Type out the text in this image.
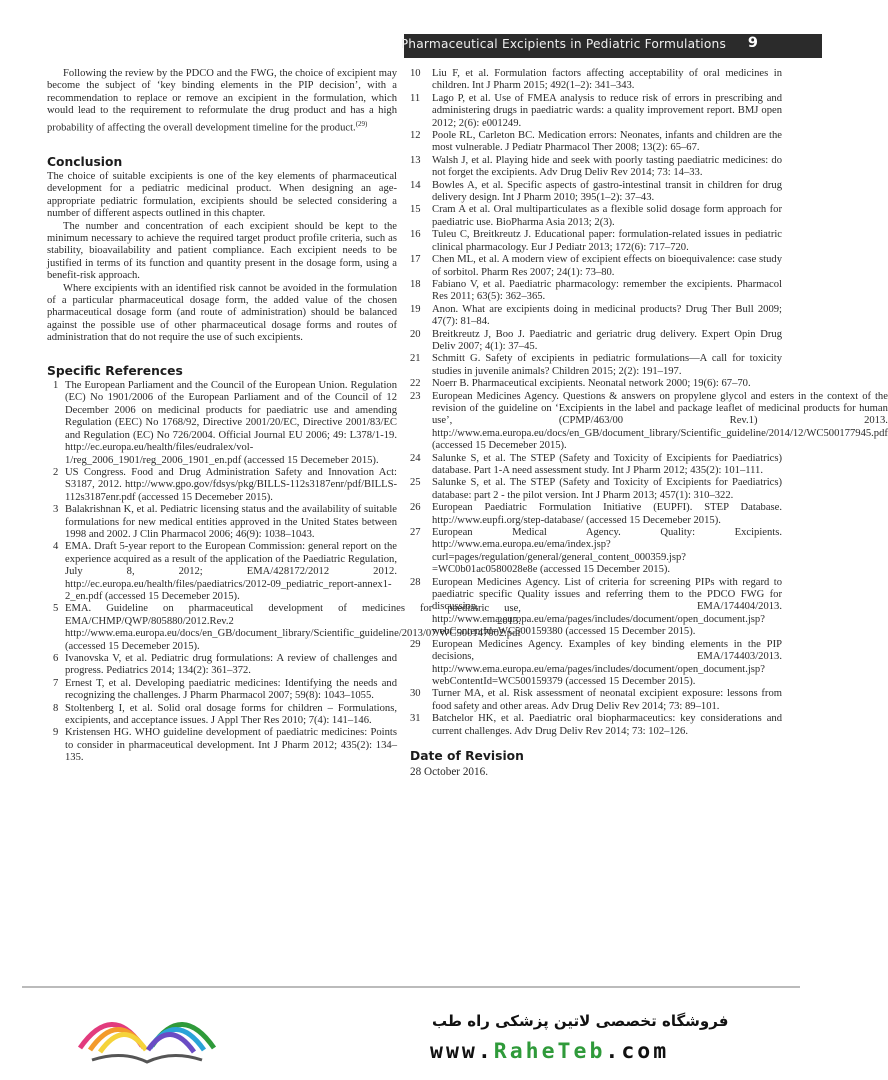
Pharmaceutical Excipients in Pediatric Formulations 9

Following the review by the PDCO and the FWG, the choice of excipient may become the subject of ‘key binding elements in the PIP decision’, with a recommendation to replace or remove an excipient in the formulation, which would lead to the requirement to reformulate the drug product and has a high probability of affecting the overall development timeline for the product.$^{(29)}$

Conclusion

The choice of suitable excipients is one of the key elements of pharmaceutical development for a pediatric medicinal product. When designing an age-appropriate pediatric formulation, excipients should be selected considering a number of different aspects outlined in this chapter.

The number and concentration of each excipient should be kept to the minimum necessary to achieve the required target product profile criteria, such as stability, bioavailability and patient compliance. Each excipient needs to be justified in terms of its function and quantity present in the dosage form, using a benefit-risk approach.

Where excipients with an identified risk cannot be avoided in the formulation of a particular pharmaceutical dosage form, the added value of the chosen pharmaceutical dosage form (and route of administration) should be balanced against the possible use of other pharmaceutical dosage forms and routes of administration that do not require the use of such excipients.

Specific References
1 The European Parliament and the Council of the European Union. Regulation (EC) No 1901/2006 of the European Parliament and of the Council of 12 December 2006 on medicinal products for paediatric use and amending Regulation (EEC) No 1768/92, Directive 2001/20/EC, Directive 2001/83/EC and Regulation (EC) No 726/2004. Official Journal EU 2006; 49: L378/1-19. http://ec.europa.eu/health/files/eudralex/vol-1/reg_2006_1901/reg_2006_1901_en.pdf (accessed 15 Decemeber 2015).
2 US Congress. Food and Drug Administration Safety and Innovation Act: S3187, 2012. http://www.gpo.gov/fdsys/pkg/BILLS-112s3187enr/pdf/BILLS-112s3187enr.pdf (accessed 15 Decemeber 2015).
3 Balakrishnan K, et al. Pediatric licensing status and the availability of suitable formulations for new medical entities approved in the United States between 1998 and 2002. J Clin Pharmacol 2006; 46(9): 1038–1043.
4 EMA. Draft 5-year report to the European Commission: general report on the experience acquired as a result of the application of the Paediatric Regulation, July 8, 2012; EMA/428172/2012 2012. http://ec.europa.eu/health/files/paediatrics/2012-09_pediatric_report-annex1-2_en.pdf (accessed 15 Decemeber 2015).
5 EMA. Guideline on pharmaceutical development of medicines for paediatric use, EMA/CHMP/QWP/805880/2012.Rev.2 2013. http://www.ema.europa.eu/docs/en_GB/document_library/Scientific_guideline/2013/07/WC500147002.pdf (accessed 15 Decemeber 2015).
6 Ivanovska V, et al. Pediatric drug formulations: A review of challenges and progress. Pediatrics 2014; 134(2): 361–372.
7 Ernest T, et al. Developing paediatric medicines: Identifying the needs and recognizing the challenges. J Pharm Pharmacol 2007; 59(8): 1043–1055.
8 Stoltenberg I, et al. Solid oral dosage forms for children – Formulations, excipients, and acceptance issues. J Appl Ther Res 2010; 7(4): 141–146.
9 Kristensen HG. WHO guideline development of paediatric medicines: Points to consider in pharmaceutical development. Int J Pharm 2012; 435(2): 134–135.
10	Liu F, et al. Formulation factors affecting acceptability of oral medicines in children. Int J Pharm 2015; 492(1–2): 341–343.
11	Lago P, et al. Use of FMEA analysis to reduce risk of errors in prescribing and administering drugs in paediatric wards: a quality improvement report. BMJ open 2012; 2(6): e001249.
12	Poole RL, Carleton BC. Medication errors: Neonates, infants and children are the most vulnerable. J Pediatr Pharmacol Ther 2008; 13(2): 65–67.
13	Walsh J, et al. Playing hide and seek with poorly tasting paediatric medicines: do not forget the excipients. Adv Drug Deliv Rev 2014; 73: 14–33.
14	Bowles A, et al. Specific aspects of gastro-intestinal transit in children for drug delivery design. Int J Pharm 2010; 395(1–2): 37–43.
15	Cram A et al. Oral multiparticulates as a flexible solid dosage form approach for paediatric use. BioPharma Asia 2013; 2(3).
16	Tuleu C, Breitkreutz J. Educational paper: formulation-related issues in pediatric clinical pharmacology. Eur J Pediatr 2013; 172(6): 717–720.
17	Chen ML, et al. A modern view of excipient effects on bioequivalence: case study of sorbitol. Pharm Res 2007; 24(1): 73–80.
18	Fabiano V, et al. Paediatric pharmacology: remember the excipients. Pharmacol Res 2011; 63(5): 362–365.
19	Anon. What are excipients doing in medicinal products? Drug Ther Bull 2009; 47(7): 81–84.
20	Breitkreutz J, Boo J. Paediatric and geriatric drug delivery. Expert Opin Drug Deliv 2007; 4(1): 37–45.
21	Schmitt G. Safety of excipients in pediatric formulations—A call for toxicity studies in juvenile animals? Children 2015; 2(2): 191–197.
22	Noerr B. Pharmaceutical excipients. Neonatal network 2000; 19(6): 67–70.
23	European Medicines Agency. Questions & answers on propylene glycol and esters in the context of the revision of the guideline on ‘Excipients in the label and package leaflet of medicinal products for human use’, (CPMP/463/00 Rev.1) 2013. http://www.ema.europa.eu/docs/en_GB/document_library/Scientific_guideline/2014/12/WC500177945.pdf (accessed 15 Decemeber 2015).
24	Salunke S, et al. The STEP (Safety and Toxicity of Excipients for Paediatrics) database. Part 1-A need assessment study. Int J Pharm 2012; 435(2): 101–111.
25	Salunke S, et al. The STEP (Safety and Toxicity of Excipients for Paediatrics) database: part 2 - the pilot version. Int J Pharm 2013; 457(1): 310–322.
26	European Paediatric Formulation Initiative (EUPFI). STEP Database. http://www.eupfi.org/step-database/ (accessed 15 Decemeber 2015).
27	European Medical Agency. Quality: Excipients. http://www.ema.europa.eu/ema/index.jsp?curl=pages/regulation/general/general_content_000359.jsp?=WC0b01ac0580028e8e (accessed 15 December 2015).
28	European Medicines Agency. List of criteria for screening PIPs with regard to paediatric specific Quality issues and referring them to the PDCO FWG for discussion, EMA/174404/2013. http://www.ema.europa.eu/ema/pages/includes/document/open_document.jsp?webContentId=WC500159380 (accessed 15 December 2015).
29	European Medicines Agency. Examples of key binding elements in the PIP decisions, EMA/174403/2013. http://www.ema.europa.eu/ema/pages/includes/document/open_document.jsp?webContentId=WC500159379 (accessed 15 December 2015).
30	Turner MA, et al. Risk assessment of neonatal excipient exposure: lessons from food safety and other areas. Adv Drug Deliv Rev 2014; 73: 89–101.
31	Batchelor HK, et al. Paediatric oral biopharmaceutics: key considerations and current challenges. Adv Drug Deliv Rev 2014; 73: 102–126.
Date of Revision

28 October 2016.

فروشگاه تخصصی لاتین پزشکی راه طب
www.RaheTeb.com
